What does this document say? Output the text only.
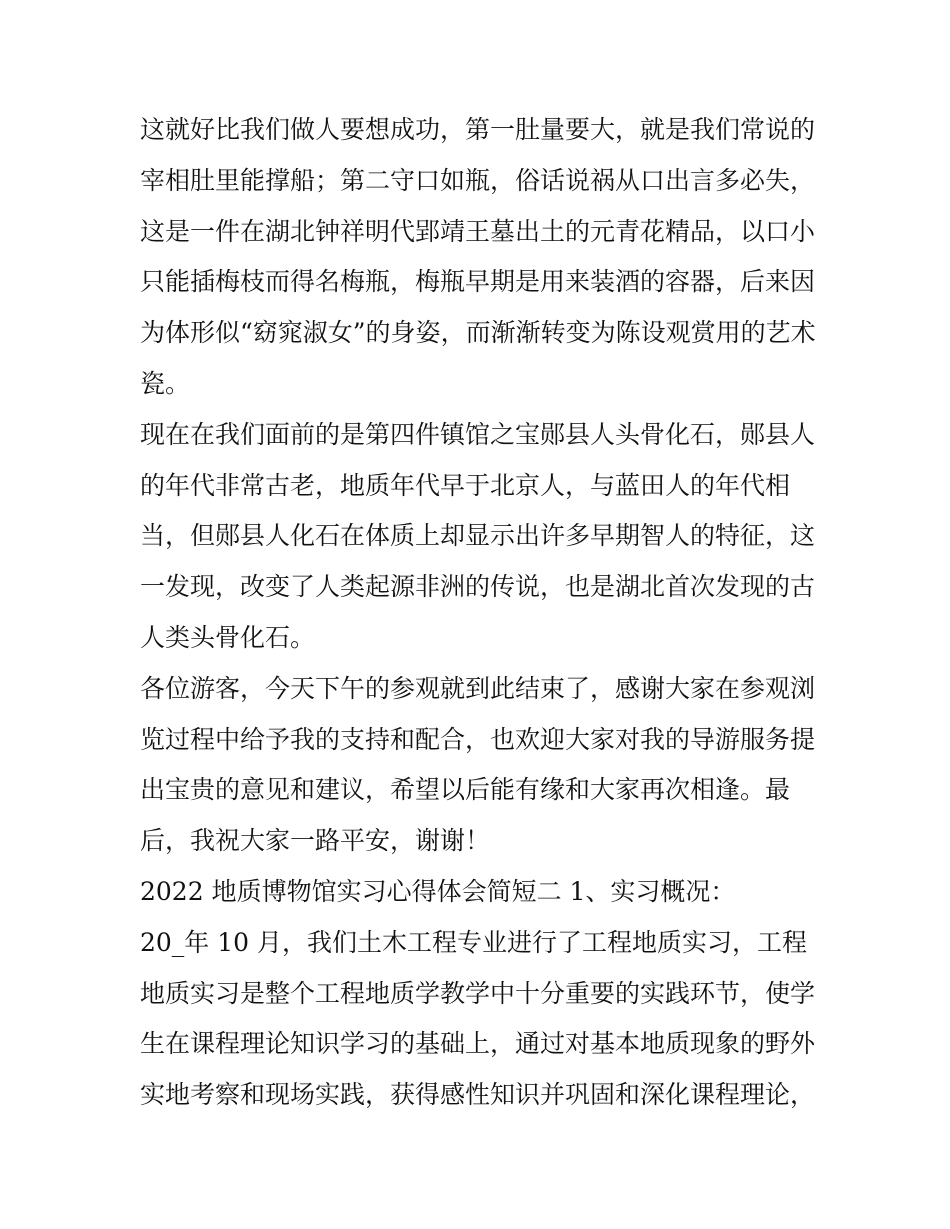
这就好比我们做人要想成功，第一肚量要大，就是我们常说的
宰相肚里能撑船；第二守口如瓶，俗话说祸从口出言多必失，
这是一件在湖北钟祥明代郢靖王墓出土的元青花精品，以口小
只能插梅枝而得名梅瓶，梅瓶早期是用来装酒的容器，后来因
为体形似“窈窕淑女”的身姿，而渐渐转变为陈设观赏用的艺术
瓷。
现在在我们面前的是第四件镇馆之宝郧县人头骨化石，郧县人
的年代非常古老，地质年代早于北京人，与蓝田人的年代相
当，但郧县人化石在体质上却显示出许多早期智人的特征，这
一发现，改变了人类起源非洲的传说，也是湖北首次发现的古
人类头骨化石。
各位游客，今天下午的参观就到此结束了，感谢大家在参观浏
览过程中给予我的支持和配合，也欢迎大家对我的导游服务提
出宝贵的意见和建议，希望以后能有缘和大家再次相逢。最
后，我祝大家一路平安，谢谢！
2022 地质博物馆实习心得体会简短二 1、实习概况：
20_年 10 月，我们土木工程专业进行了工程地质实习，工程
地质实习是整个工程地质学教学中十分重要的实践环节，使学
生在课程理论知识学习的基础上，通过对基本地质现象的野外
实地考察和现场实践，获得感性知识并巩固和深化课程理论，
